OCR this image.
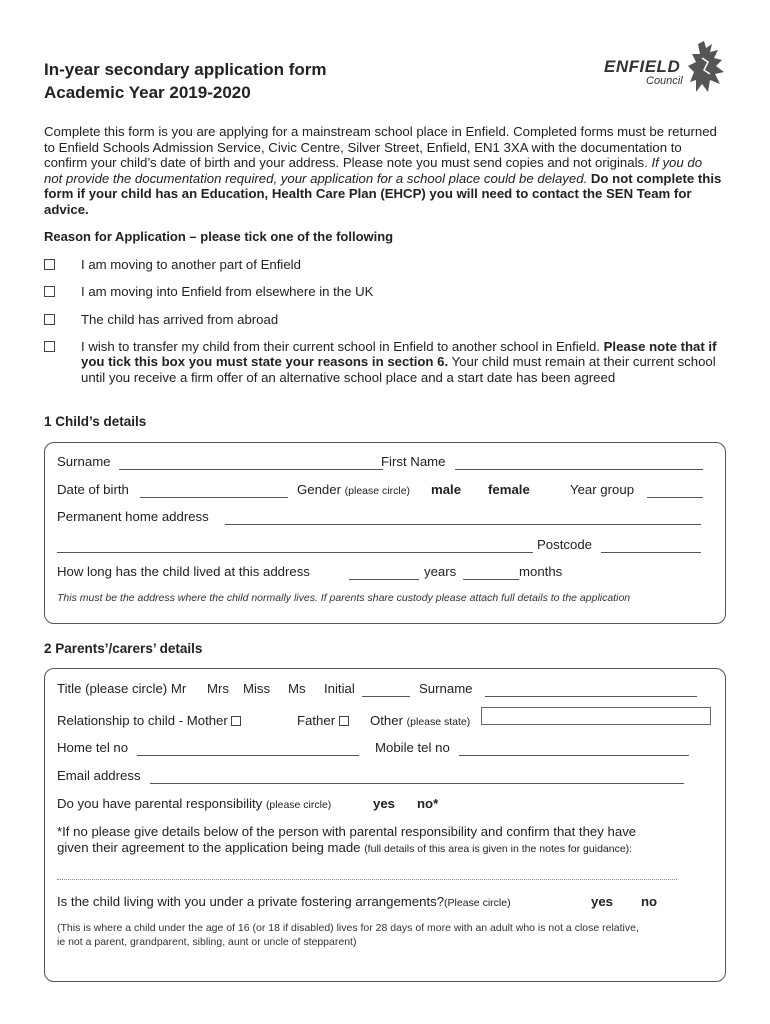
In-year secondary application form
Academic Year 2019-2020
ENFIELD
Council
Complete this form is you are applying for a mainstream school place in Enfield. Completed forms must be returned to Enfield Schools Admission Service, Civic Centre, Silver Street, Enfield, EN1 3XA with the documentation to confirm your child’s date of birth and your address. Please note you must send copies and not originals. If you do not provide the documentation required, your application for a school place could be delayed. Do not complete this form if your child has an Education, Health Care Plan (EHCP) you will need to contact the SEN Team for advice.
Reason for Application – please tick one of the following
I am moving to another part of Enfield
I am moving into Enfield from elsewhere in the UK
The child has arrived from abroad
I wish to transfer my child from their current school in Enfield to another school in Enfield. Please note that if you tick this box you must state your reasons in section 6. Your child must remain at their current school until you receive a firm offer of an alternative school place and a start date has been agreed
1 Child’s details
Surname	First Name
Date of birth	Gender (please circle) male female	Year group
Permanent home address
Postcode
How long has the child lived at this address	years	months
This must be the address where the child normally lives. If parents share custody please attach full details to the application
2 Parents’/carers’ details
Title (please circle) Mr Mrs Miss Ms Initial	Surname
Relationship to child - Mother	Father	Other (please state)
Home tel no	Mobile tel no
Email address
Do you have parental responsibility (please circle)	yes no*
*If no please give details below of the person with parental responsibility and confirm that they have
given their agreement to the application being made (full details of this area is given in the notes for guidance):
Is the child living with you under a private fostering arrangements?(Please circle)	yes no
(This is where a child under the age of 16 (or 18 if disabled) lives for 28 days of more with an adult who is not a close relative,
ie not a parent, grandparent, sibling, aunt or uncle of stepparent)
